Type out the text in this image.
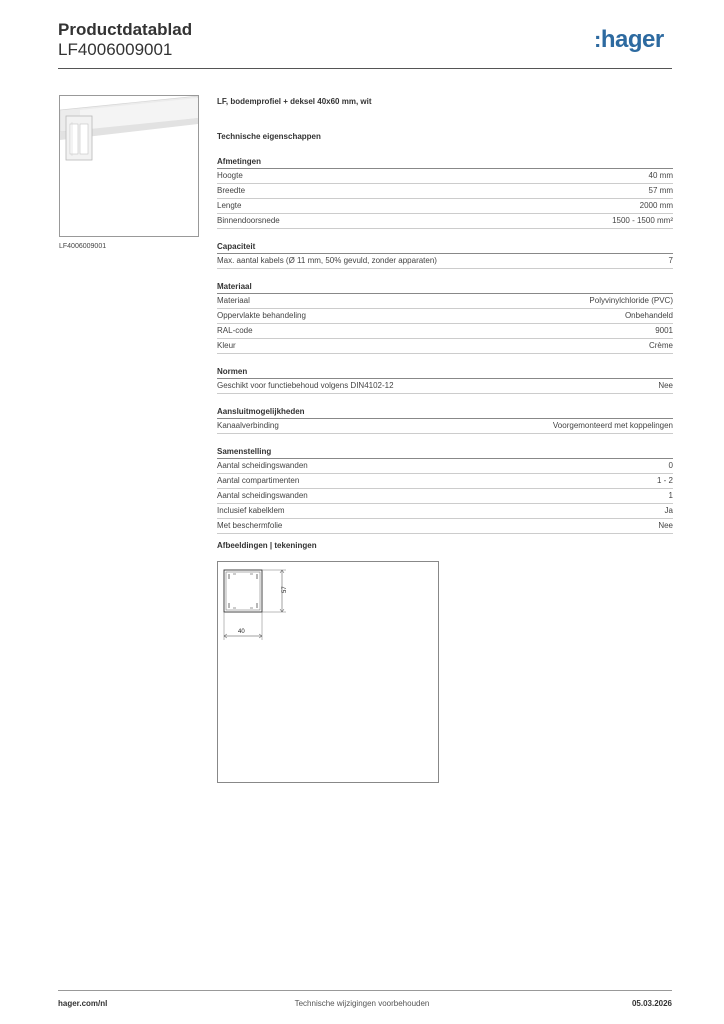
Productdatablad
LF4006009001	:hager
LF4006009001
LF, bodemprofiel + deksel 40x60 mm, wit
Technische eigenschappen
Afmetingen
Hoogte	40 mm
Breedte	57 mm
Lengte	2000 mm
Binnendoorsnede	1500 - 1500 mm²
Capaciteit
Max. aantal kabels (Ø 11 mm, 50% gevuld, zonder apparaten)	7
Materiaal
Materiaal	Polyvinylchloride (PVC)
Oppervlakte behandeling	Onbehandeld
RAL-code	9001
Kleur	Crème
Normen
Geschikt voor functiebehoud volgens DIN4102-12	Nee
Aansluitmogelijkheden
Kanaalverbinding	Voorgemonteerd met koppelingen
Samenstelling
Aantal scheidingswanden	0
Aantal compartimenten	1 - 2
Aantal scheidingswanden	1
Inclusief kabelklem	Ja
Met beschermfolie	Nee
Afbeeldingen | tekeningen
57
40
hager.com/nl	Technische wijzigingen voorbehouden	05.03.2026
